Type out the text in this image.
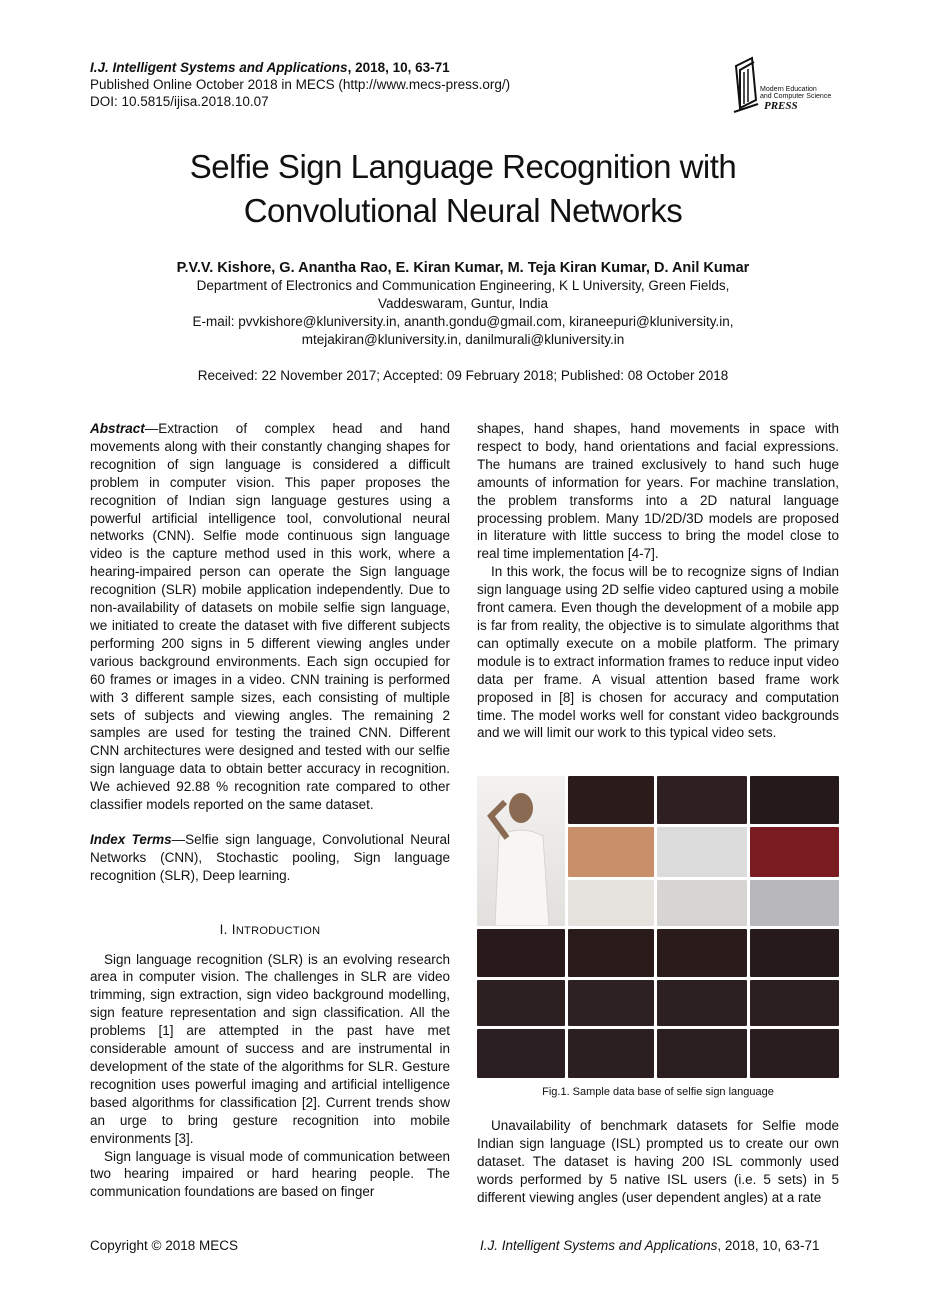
I.J. Intelligent Systems and Applications, 2018, 10, 63-71
Published Online October 2018 in MECS (http://www.mecs-press.org/)
DOI: 10.5815/ijisa.2018.10.07
Modern Education
and Computer Science
PRESS
Selfie Sign Language Recognition with
Convolutional Neural Networks
P.V.V. Kishore, G. Anantha Rao, E. Kiran Kumar, M. Teja Kiran Kumar, D. Anil Kumar
Department of Electronics and Communication Engineering, K L University, Green Fields,
Vaddeswaram, Guntur, India
E-mail: pvvkishore@kluniversity.in, ananth.gondu@gmail.com, kiraneepuri@kluniversity.in,
mtejakiran@kluniversity.in, danilmurali@kluniversity.in
Received: 22 November 2017; Accepted: 09 February 2018; Published: 08 October 2018

Abstract—Extraction of complex head and hand movements along with their constantly changing shapes for recognition of sign language is considered a difficult problem in computer vision. This paper proposes the recognition of Indian sign language gestures using a powerful artificial intelligence tool, convolutional neural networks (CNN). Selfie mode continuous sign language video is the capture method used in this work, where a hearing-impaired person can operate the Sign language recognition (SLR) mobile application independently. Due to non-availability of datasets on mobile selfie sign language, we initiated to create the dataset with five different subjects performing 200 signs in 5 different viewing angles under various background environments. Each sign occupied for 60 frames or images in a video. CNN training is performed with 3 different sample sizes, each consisting of multiple sets of subjects and viewing angles. The remaining 2 samples are used for testing the trained CNN. Different CNN architectures were designed and tested with our selfie sign language data to obtain better accuracy in recognition. We achieved 92.88 % recognition rate compared to other classifier models reported on the same dataset.

Index Terms—Selfie sign language, Convolutional Neural Networks (CNN), Stochastic pooling, Sign language recognition (SLR), Deep learning.

I. INTRODUCTION

Sign language recognition (SLR) is an evolving research area in computer vision. The challenges in SLR are video trimming, sign extraction, sign video background modelling, sign feature representation and sign classification. All the problems [1] are attempted in the past have met considerable amount of success and are instrumental in development of the state of the algorithms for SLR. Gesture recognition uses powerful imaging and artificial intelligence based algorithms for classification [2]. Current trends show an urge to bring gesture recognition into mobile environments [3].

Sign language is visual mode of communication between two hearing impaired or hard hearing people. The communication foundations are based on finger

shapes, hand shapes, hand movements in space with respect to body, hand orientations and facial expressions. The humans are trained exclusively to hand such huge amounts of information for years. For machine translation, the problem transforms into a 2D natural language processing problem. Many 1D/2D/3D models are proposed in literature with little success to bring the model close to real time implementation [4-7].

In this work, the focus will be to recognize signs of Indian sign language using 2D selfie video captured using a mobile front camera. Even though the development of a mobile app is far from reality, the objective is to simulate algorithms that can optimally execute on a mobile platform. The primary module is to extract information frames to reduce input video data per frame. A visual attention based frame work proposed in [8] is chosen for accuracy and computation time. The model works well for constant video backgrounds and we will limit our work to this typical video sets.

Fig.1. Sample data base of selfie sign language
Unavailability of benchmark datasets for Selfie mode Indian sign language (ISL) prompted us to create our own dataset. The dataset is having 200 ISL commonly used words performed by 5 native ISL users (i.e. 5 sets) in 5 different viewing angles (user dependent angles) at a rate
Copyright © 2018 MECS	I.J. Intelligent Systems and Applications, 2018, 10, 63-71
